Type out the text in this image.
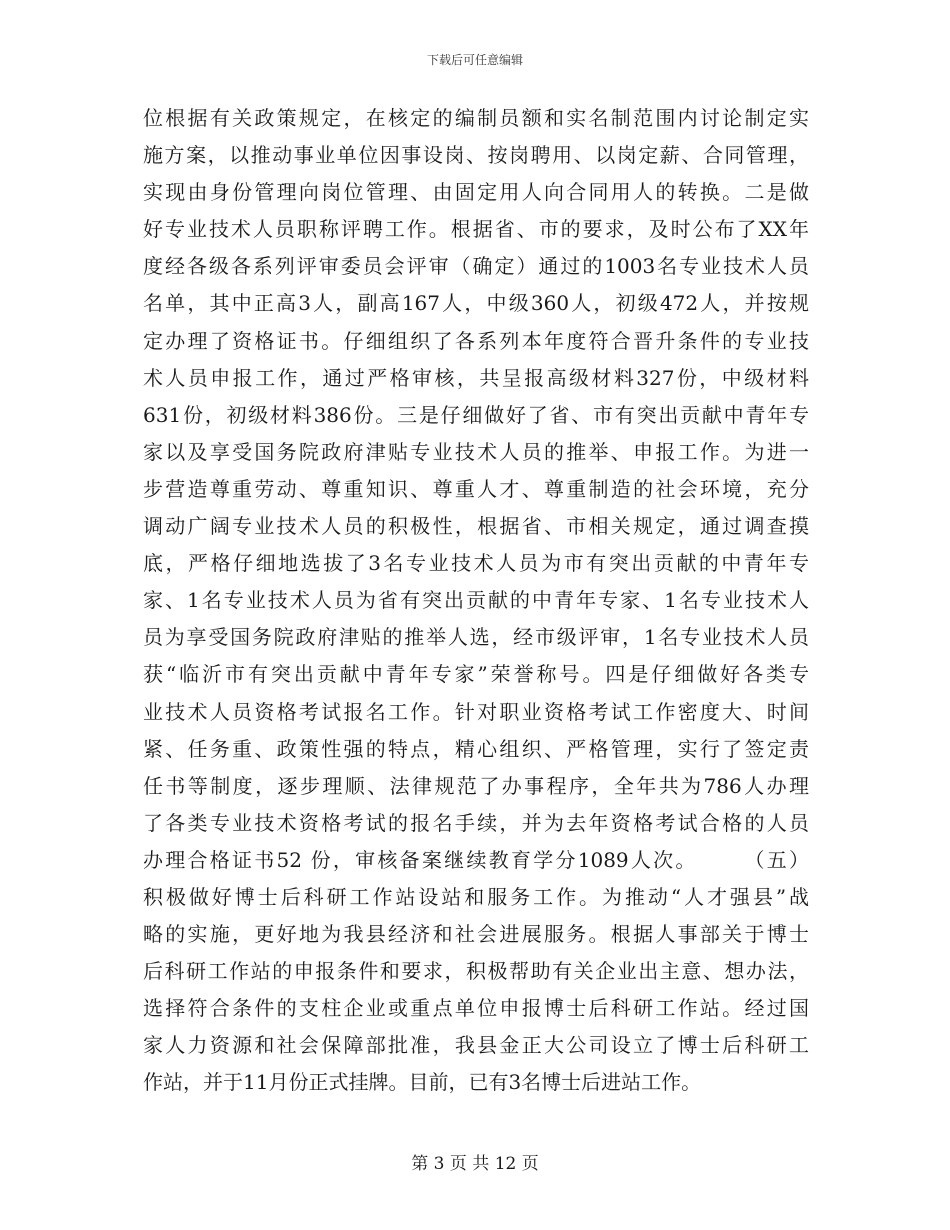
下载后可任意编辑
位根据有关政策规定，在核定的编制员额和实名制范围内讨论制定实
施方案，以推动事业单位因事设岗、按岗聘用、以岗定薪、合同管理，
实现由身份管理向岗位管理、由固定用人向合同用人的转换。二是做
好专业技术人员职称评聘工作。根据省、市的要求，及时公布了XX年
度经各级各系列评审委员会评审（确定）通过的1003名专业技术人员
名单，其中正高3人，副高167人，中级360人，初级472人，并按规
定办理了资格证书。仔细组织了各系列本年度符合晋升条件的专业技
术人员申报工作，通过严格审核，共呈报高级材料327份，中级材料
631份，初级材料386份。三是仔细做好了省、市有突出贡献中青年专
家以及享受国务院政府津贴专业技术人员的推举、申报工作。为进一
步营造尊重劳动、尊重知识、尊重人才、尊重制造的社会环境，充分
调动广阔专业技术人员的积极性，根据省、市相关规定，通过调查摸
底，严格仔细地选拔了3名专业技术人员为市有突出贡献的中青年专
家、1名专业技术人员为省有突出贡献的中青年专家、1名专业技术人
员为享受国务院政府津贴的推举人选，经市级评审，1名专业技术人员
获“临沂市有突出贡献中青年专家”荣誉称号。四是仔细做好各类专
业技术人员资格考试报名工作。针对职业资格考试工作密度大、时间
紧、任务重、政策性强的特点，精心组织、严格管理，实行了签定责
任书等制度，逐步理顺、法律规范了办事程序，全年共为786人办理
了各类专业技术资格考试的报名手续，并为去年资格考试合格的人员
办理合格证书52 份，审核备案继续教育学分1089人次。　　　（五）
积极做好博士后科研工作站设站和服务工作。为推动“人才强县”战
略的实施，更好地为我县经济和社会进展服务。根据人事部关于博士
后科研工作站的申报条件和要求，积极帮助有关企业出主意、想办法，
选择符合条件的支柱企业或重点单位申报博士后科研工作站。经过国
家人力资源和社会保障部批准，我县金正大公司设立了博士后科研工
作站，并于11月份正式挂牌。目前，已有3名博士后进站工作。
第 3 页 共 12 页
